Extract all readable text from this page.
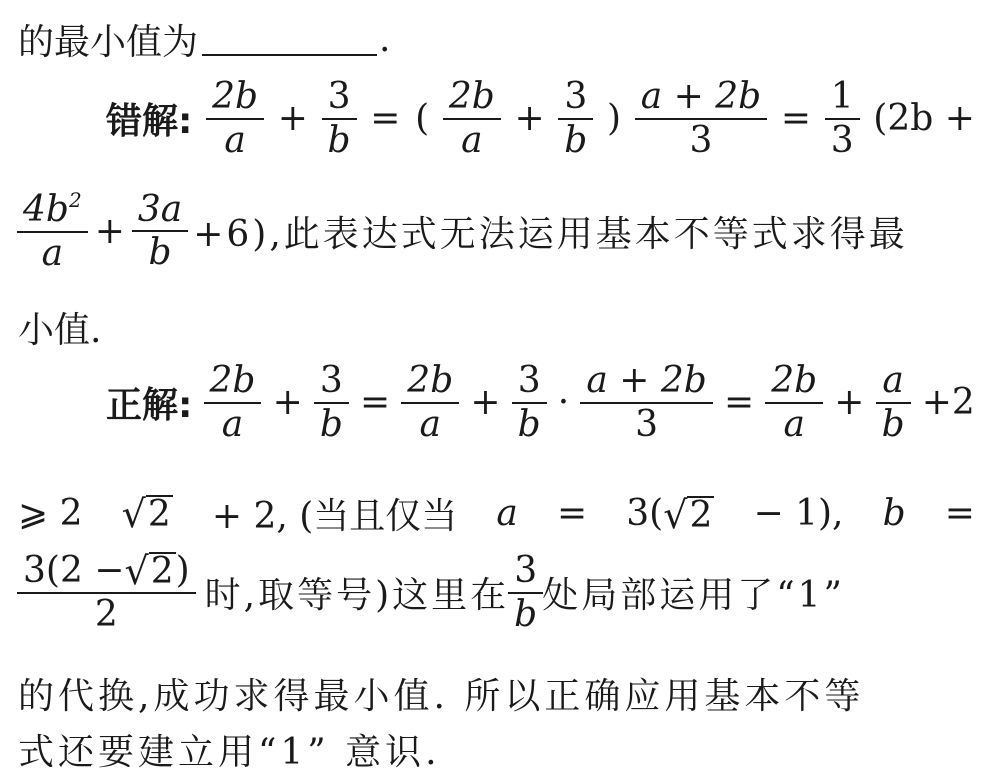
的最小值为	.
错解: $\frac{2b}{a} + \frac{3}{b}$ = ( $\frac{2b}{a} + \frac{3}{b}$ ) $\frac{a + 2b}{3} = \frac{1}{3} (2b$ +
$\frac{4b^2}{a} + \frac{3a}{b} +6$),此表达式无法运用基本不等式求得最
小值.
正解: $\frac{2b}{a} + \frac{3}{b} = \frac{2b}{a} + \frac{3}{b} \cdot \frac{a + 2b}{3} = \frac{2b}{a} + \frac{a}{b} +2$
⩾ 2 √ 2 + 2, (当且仅当 a = 3( √ 2 − 1), b =
$\frac{3(2 - √ 2 )}{2}$ 时,取等号)这里在 $\frac{3}{b}$ 处局部运用了“1”
的代换,成功求得最小值. 所以正确应用基本不等
式还要建立用“1” 意识.
